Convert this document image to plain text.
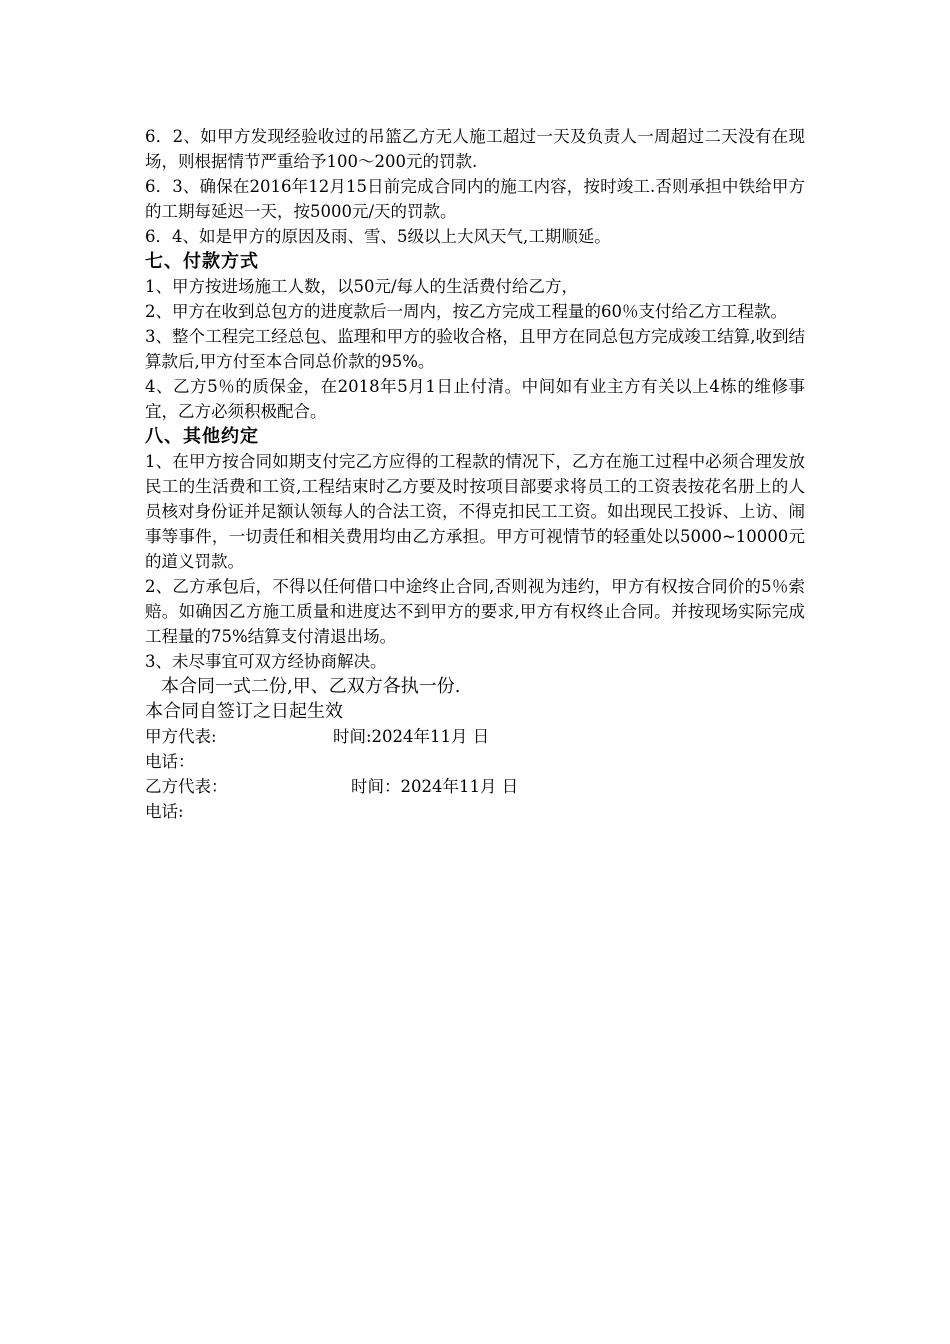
6．2、如甲方发现经验收过的吊篮乙方无人施工超过一天及负责人一周超过二天没有在现场，则根据情节严重给予100～200元的罚款.

6．3、确保在2016年12月15日前完成合同内的施工内容，按时竣工.否则承担中铁给甲方的工期每延迟一天，按5000元/天的罚款。

6．4、如是甲方的原因及雨、雪、5级以上大风天气,工期顺延。

七、付款方式

1、甲方按进场施工人数，以50元/每人的生活费付给乙方，

2、甲方在收到总包方的进度款后一周内，按乙方完成工程量的60％支付给乙方工程款。

3、整个工程完工经总包、监理和甲方的验收合格，且甲方在同总包方完成竣工结算,收到结算款后,甲方付至本合同总价款的95%。

4、乙方5％的质保金，在2018年5月1日止付清。中间如有业主方有关以上4栋的维修事宜，乙方必须积极配合。

八、其他约定

1、在甲方按合同如期支付完乙方应得的工程款的情况下，乙方在施工过程中必须合理发放民工的生活费和工资,工程结束时乙方要及时按项目部要求将员工的工资表按花名册上的人员核对身份证并足额认领每人的合法工资，不得克扣民工工资。如出现民工投诉、上访、闹事等事件，一切责任和相关费用均由乙方承担。甲方可视情节的轻重处以5000~10000元的道义罚款。

2、乙方承包后，不得以任何借口中途终止合同,否则视为违约，甲方有权按合同价的5％索赔。如确因乙方施工质量和进度达不到甲方的要求,甲方有权终止合同。并按现场实际完成工程量的75%结算支付清退出场。

3、未尽事宜可双方经协商解决。

本合同一式二份,甲、乙双方各执一份.

本合同自签订之日起生效

甲方代表:	时间:2024年11月 日

电话：

乙方代表：	时间：2024年11月 日

电话:
